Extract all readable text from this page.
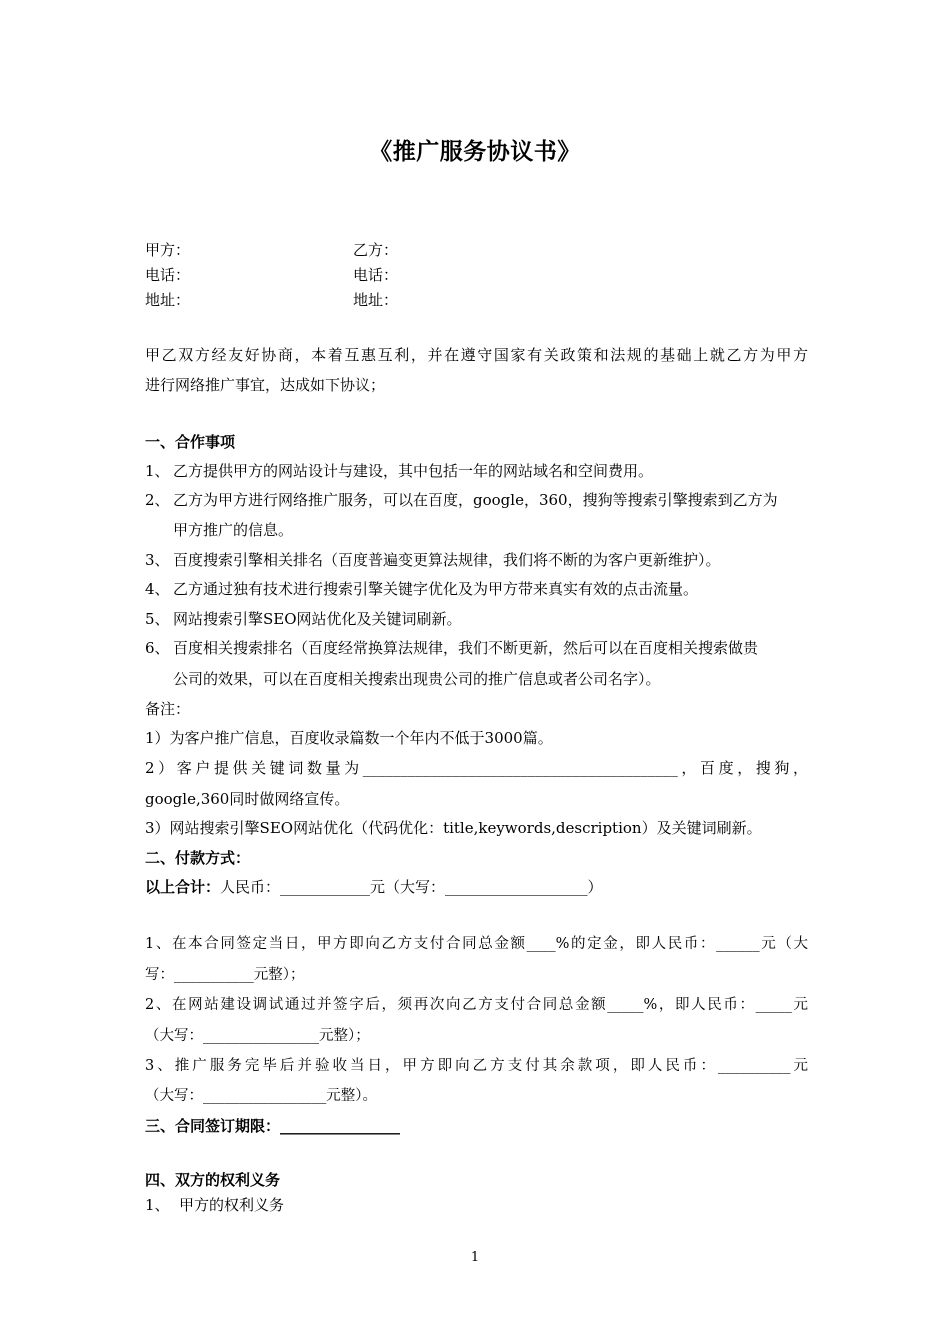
《推广服务协议书》
甲方：	乙方：
电话：	电话：
地址：	地址：
甲乙双方经友好协商，本着互惠互利，并在遵守国家有关政策和法规的基础上就乙方为甲方
进行网络推广事宜，达成如下协议；
一、合作事项
1、 乙方提供甲方的网站设计与建设，其中包括一年的网站域名和空间费用。
2、 乙方为甲方进行网络推广服务，可以在百度，google，360，搜狗等搜索引擎搜索到乙方为
甲方推广的信息。
3、 百度搜索引擎相关排名（百度普遍变更算法规律，我们将不断的为客户更新维护）。
4、 乙方通过独有技术进行搜索引擎关键字优化及为甲方带来真实有效的点击流量。
5、 网站搜索引擎SEO网站优化及关键词刷新。
6、 百度相关搜索排名（百度经常换算法规律，我们不断更新，然后可以在百度相关搜索做贵
公司的效果，可以在百度相关搜索出现贵公司的推广信息或者公司名字）。
备注：
1）为客户推广信息，百度收录篇数一个年内不低于3000篇。
2）客户提供关键词数量为__________________________________________，百度，搜狗，
google,360同时做网络宣传。
3）网站搜索引擎SEO网站优化（代码优化：title,keywords,description）及关键词刷新。
二、付款方式：
以上合计：人民币：____________元（大写：___________________）
1、在本合同签定当日，甲方即向乙方支付合同总金额____%的定金，即人民币：______元（大
写：___________元整）；
2、在网站建设调试通过并签字后，须再次向乙方支付合同总金额_____%，即人民币：_____元
（大写：________________元整）；
3、推广服务完毕后并验收当日，甲方即向乙方支付其余款项，即人民币：__________元
（大写：_________________元整）。
三、合同签订期限：________________
四、双方的权利义务
1、 甲方的权利义务
1
